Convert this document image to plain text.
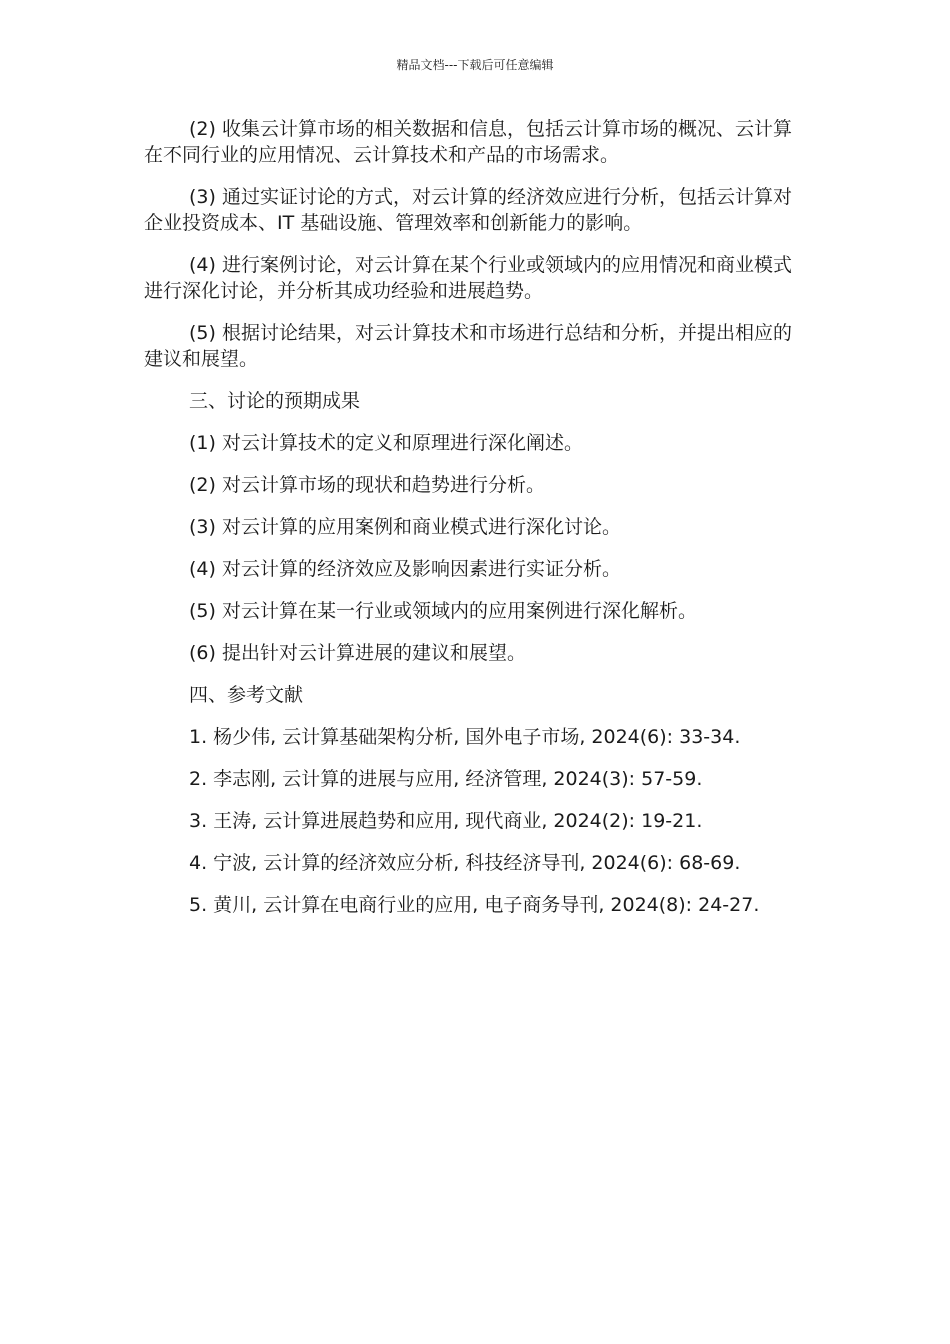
精品文档---下载后可任意编辑

(2) 收集云计算市场的相关数据和信息，包括云计算市场的概况、云计算在不同行业的应用情况、云计算技术和产品的市场需求。

(3) 通过实证讨论的方式，对云计算的经济效应进行分析，包括云计算对企业投资成本、IT 基础设施、管理效率和创新能力的影响。

(4) 进行案例讨论，对云计算在某个行业或领域内的应用情况和商业模式进行深化讨论，并分析其成功经验和进展趋势。

(5) 根据讨论结果，对云计算技术和市场进行总结和分析，并提出相应的建议和展望。

三、讨论的预期成果

(1) 对云计算技术的定义和原理进行深化阐述。

(2) 对云计算市场的现状和趋势进行分析。

(3) 对云计算的应用案例和商业模式进行深化讨论。

(4) 对云计算的经济效应及影响因素进行实证分析。

(5) 对云计算在某一行业或领域内的应用案例进行深化解析。

(6) 提出针对云计算进展的建议和展望。

四、参考文献

1. 杨少伟, 云计算基础架构分析, 国外电子市场, 2024(6): 33-34.

2. 李志刚, 云计算的进展与应用, 经济管理, 2024(3): 57-59.

3. 王涛, 云计算进展趋势和应用, 现代商业, 2024(2): 19-21.

4. 宁波, 云计算的经济效应分析, 科技经济导刊, 2024(6): 68-69.

5. 黄川, 云计算在电商行业的应用, 电子商务导刊, 2024(8): 24-27.
